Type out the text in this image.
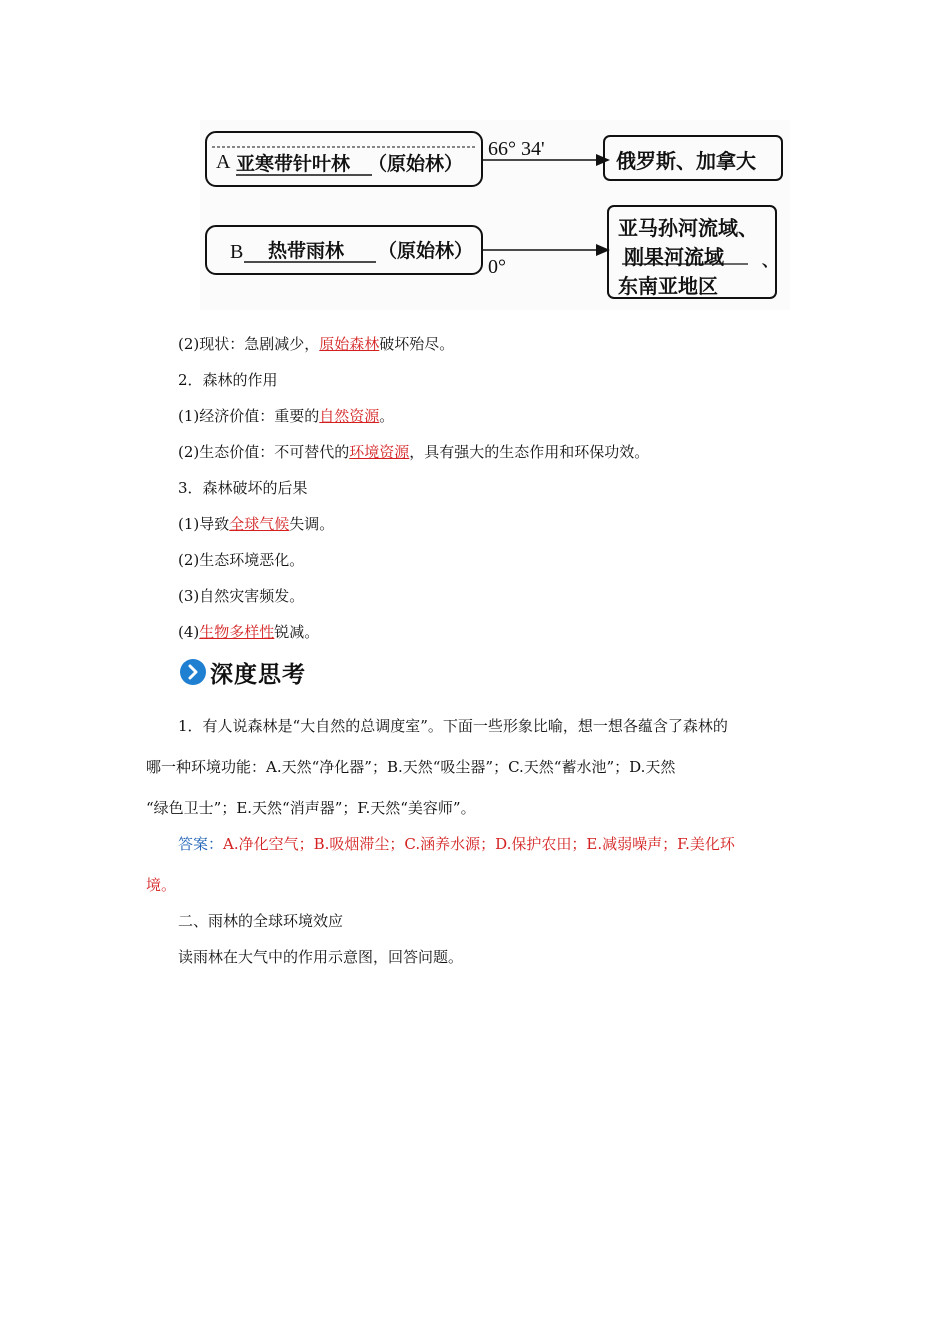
A 亚寒带针叶林 （原始林）
66° 34'	俄罗斯、加拿大
B 热带雨林 （原始林）
0°
亚马孙河流域、
刚果河流域 、
东南亚地区
(2)现状：急剧减少，原始森林破坏殆尽。
2．森林的作用
(1)经济价值：重要的自然资源。
(2)生态价值：不可替代的环境资源，具有强大的生态作用和环保功效。
3．森林破坏的后果
(1)导致全球气候失调。
(2)生态环境恶化。
(3)自然灾害频发。
(4)生物多样性锐减。
深度思考
1．有人说森林是“大自然的总调度室”。下面一些形象比喻，想一想各蕴含了森林的
哪一种环境功能：A.天然“净化器”；B.天然“吸尘器”；C.天然“蓄水池”；D.天然
“绿色卫士”；E.天然“消声器”；F.天然“美容师”。
答案：A.净化空气；B.吸烟滞尘；C.涵养水源；D.保护农田；E.减弱噪声；F.美化环
境。
二、雨林的全球环境效应
读雨林在大气中的作用示意图，回答问题。
